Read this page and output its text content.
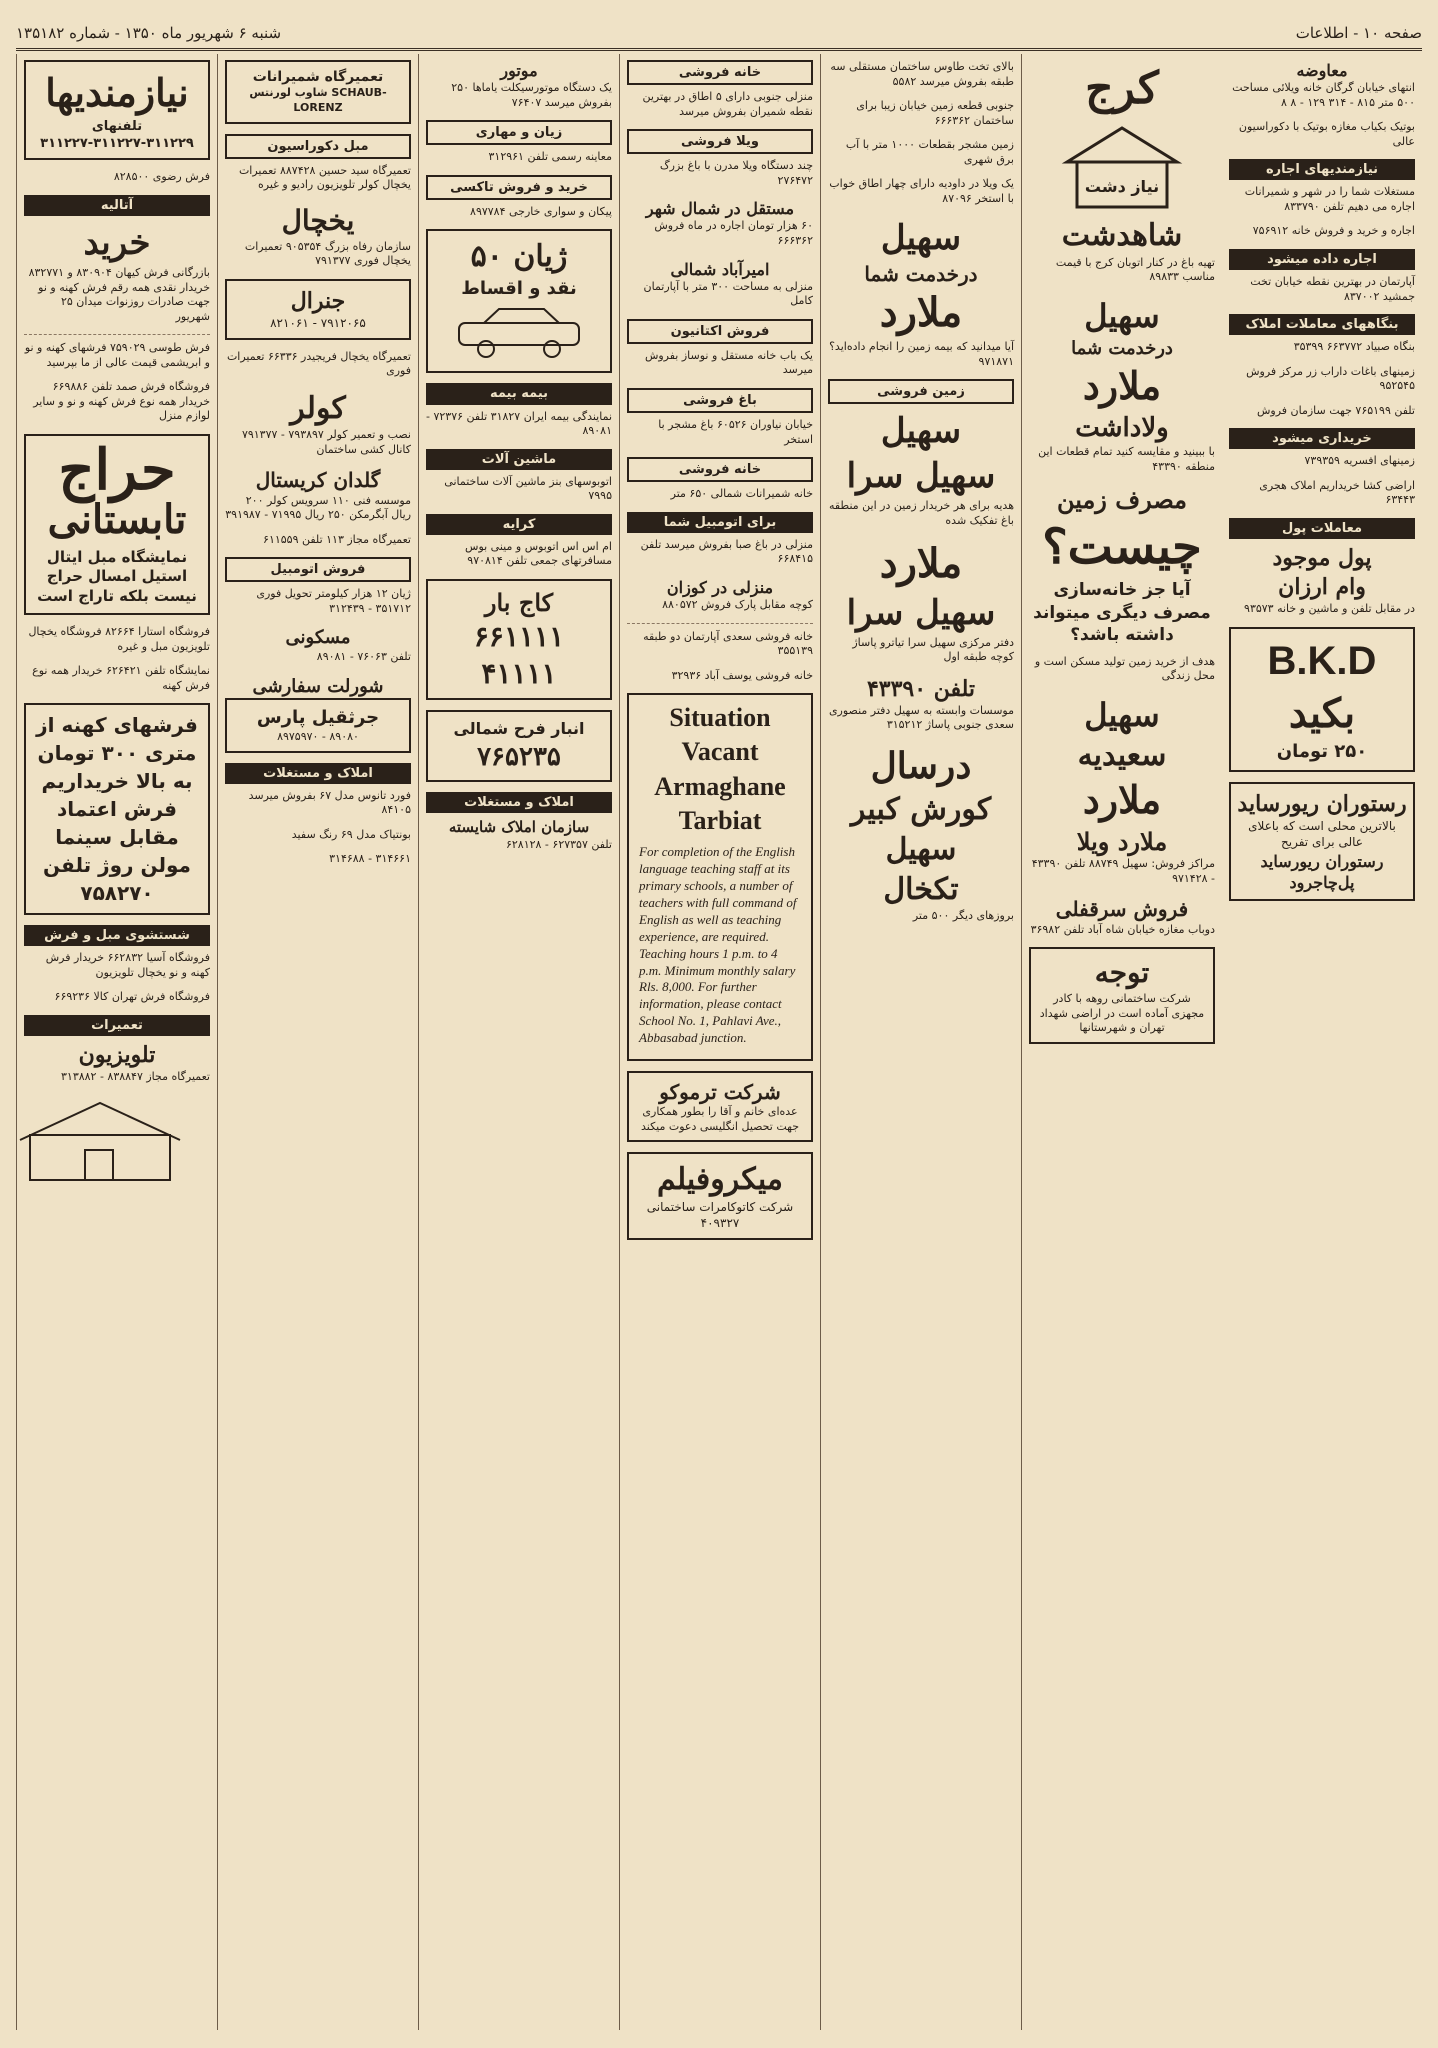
صفحه ۱۰ - اطلاعات
شنبه ۶ شهریور ماه ۱۳۵۰ - شماره ۱۳۵۱۸۲
نیازمندیها
تلفنهای ۳۱۱۲۲۹-۳۱۱۲۲۷-۳۱۱۲۲۷
فرش رضوی ۸۲۸۵۰۰
آتالیه
خرید
بازرگانی فرش کیهان ۸۳۰۹۰۴ و ۸۳۲۷۷۱ خریدار نقدی همه رقم فرش کهنه و نو جهت صادرات روزنوات میدان ۲۵ شهریور
فرش طوسی ۷۵۹۰۲۹ فرشهای کهنه و نو و ابریشمی قیمت عالی از ما بپرسید
فروشگاه فرش صمد تلفن ۶۶۹۸۸۶ خریدار همه نوع فرش کهنه و نو و سایر لوازم منزل
حراج
تابستانی
نمایشگاه مبل ایتال استیل امسال حراج نیست بلکه تاراج است
فروشگاه استارا ۸۲۶۶۴ فروشگاه یخچال تلویزیون مبل و غیره
نمایشگاه تلفن ۶۲۶۴۲۱ خریدار همه نوع فرش کهنه
فرشهای کهنه از متری ۳۰۰ تومان به بالا خریداریم فرش اعتماد مقابل سینما مولن روژ تلفن ۷۵۸۲۷۰
شستشوی مبل و فرش
فروشگاه آسیا ۶۶۲۸۳۲ خریدار فرش کهنه و نو یخچال تلویزیون
فروشگاه فرش تهران کالا ۶۶۹۲۳۶
تعمیرات
تلویزیون
تعمیرگاه مجاز ۸۳۸۸۴۷ - ۳۱۳۸۸۲
تعمیرگاه شمیرانات
شاوب لورنتس SCHAUB-LORENZ
مبل دکوراسیون
تعمیرگاه سید حسین ۸۸۷۴۲۸ تعمیرات یخچال کولر تلویزیون رادیو و غیره
یخچال
سازمان رفاه بزرگ ۹۰۵۳۵۴ تعمیرات یخچال فوری ۷۹۱۳۷۷
جنرال
۷۹۱۲۰۶۵ - ۸۲۱۰۶۱
تعمیرگاه یخچال فریجیدر ۶۶۳۳۶ تعمیرات فوری
کولر
نصب و تعمیر کولر ۷۹۳۸۹۷ - ۷۹۱۳۷۷ کانال کشی ساختمان
گلدان کریستال
موسسه فنی ۱۱۰ سرویس کولر ۲۰۰ ریال آبگرمکن ۲۵۰ ریال ۷۱۹۹۵ - ۳۹۱۹۸۷
تعمیرگاه مجاز ۱۱۳ تلفن ۶۱۱۵۵۹
فروش اتومبیل
ژیان ۱۲ هزار کیلومتر تحویل فوری ۳۵۱۷۱۲ - ۳۱۲۴۳۹
مسکونی
تلفن ۷۶۰۶۳ - ۸۹۰۸۱
شورلت سفارشی
جرثقیل پارس
۸۹۰۸۰ - ۸۹۷۵۹۷۰
املاک و مستغلات
فورد تانوس مدل ۶۷ بفروش میرسد ۸۴۱۰۵
بونتیاک مدل ۶۹ رنگ سفید
۳۱۴۶۶۱ - ۳۱۴۶۸۸
موتور
یک دستگاه موتورسیکلت یاماها ۲۵۰ بفروش میرسد ۷۶۴۰۷
زیان و مهاری
معاینه رسمی تلفن ۳۱۲۹۶۱
خرید و فروش تاکسی
پیکان و سواری خارجی ۸۹۷۷۸۴
ژیان ۵۰
نقد و اقساط
بیمه بیمه
نمایندگی بیمه ایران ۳۱۸۲۷ تلفن ۷۲۳۷۶ - ۸۹۰۸۱
ماشین آلات
اتوبوسهای بنز ماشین آلات ساختمانی ۷۹۹۵
کرایه
ام اس اس اتوبوس و مینی بوس مسافرتهای جمعی تلفن ۹۷۰۸۱۴
کاج بار
۶۶۱۱۱۱ ۴۱۱۱۱
انبار فرح شمالی
۷۶۵۲۳۵
املاک و مستغلات
سازمان املاک شایسته
تلفن ۶۲۷۳۵۷ - ۶۲۸۱۲۸
خانه فروشی
منزلی جنوبی دارای ۵ اطاق در بهترین نقطه شمیران بفروش میرسد
ویلا فروشی
چند دستگاه ویلا مدرن با باغ بزرگ ۲۷۶۴۷۲
مستقل در شمال شهر
۶۰ هزار تومان اجاره در ماه فروش ۶۶۶۳۶۲
امیرآباد شمالی
منزلی به مساحت ۳۰۰ متر با آپارتمان کامل
فروش اکتانیون
یک باب خانه مستقل و نوساز بفروش میرسد
باغ فروشی
خیابان نیاوران ۶۰۵۲۶ باغ مشجر با استخر
خانه فروشی
خانه شمیرانات شمالی ۶۵۰ متر
برای اتومبیل شما
منزلی در باغ صبا بفروش میرسد تلفن ۶۶۸۴۱۵
منزلی در کوزان
کوچه مقابل پارک فروش ۸۸۰۵۷۲
خانه فروشی سعدی آپارتمان دو طبقه ۳۵۵۱۳۹
خانه فروشی یوسف آباد ۳۲۹۳۶
Situation Vacant
Armaghane Tarbiat

For completion of the English language teaching staff at its primary schools, a number of teachers with full command of English as well as teaching experience, are required. Teaching hours 1 p.m. to 4 p.m. Minimum monthly salary Rls. 8,000. For further information, please contact School No. 1, Pahlavi Ave., Abbasabad junction.

شرکت ترموکو
عده‌ای خانم و آقا را بطور همکاری جهت تحصیل انگلیسی دعوت میکند
میکروفیلم
شرکت کاتوکامرات ساختمانی ۴۰۹۳۲۷
بالای تخت طاوس ساختمان مستقلی سه طبقه بفروش میرسد ۵۵۸۲
جنوبی قطعه زمین خیابان زیبا برای ساختمان ۶۶۶۳۶۲
زمین مشجر بقطعات ۱۰۰۰ متر با آب برق شهری
یک ویلا در داودیه دارای چهار اطاق خواب با استخر ۸۷۰۹۶
سهیل
درخدمت شما
ملارد
آیا میدانید که بیمه زمین را انجام داده‌اید؟ ۹۷۱۸۷۱
زمین فروشی
سهیل
سهیل سرا
هدیه برای هر خریدار زمین در این منطقه باغ تفکیک شده
ملارد
سهیل سرا
دفتر مرکزی سهیل سرا تیاترو پاساژ کوچه طبقه اول
تلفن ۴۳۳۹۰
موسسات وابسته به سهیل دفتر منصوری سعدی جنوبی پاساژ ۳۱۵۲۱۲
درسال
کورش کبیر
سهیل
تکخال
بروزهای دیگر ۵۰۰ متر
کرج
نیاز دشت
شاهدشت
تهیه باغ در کنار اتوبان کرج با قیمت مناسب ۸۹۸۳۳
سهیل
درخدمت شما
ملارد
ولاداشت
با ببینید و مقایسه کنید تمام قطعات این منطقه ۴۳۳۹۰
مصرف زمین
چیست؟
آیا جز خانه‌سازی مصرف دیگری میتواند داشته باشد؟
هدف از خرید زمین تولید مسکن است و محل زندگی
سهیل
سعیدیه
ملارد
ملارد ویلا
مراکز فروش: سهیل ۸۸۷۴۹ تلفن ۴۳۳۹۰ - ۹۷۱۴۲۸
فروش سرقفلی
دوباب مغازه خیابان شاه آباد تلفن ۳۶۹۸۲
توجه
شرکت ساختمانی روهه با کادر مجهزی آماده است در اراضی شهداد تهران و شهرستانها
معاوضه
انتهای خیابان گرگان خانه ویلائی مساحت ۵۰۰ متر ۸۱۵ - ۳۱۴ ۱۲۹ - ۸ ۸
بوتیک بکیاب مغازه بوتیک با دکوراسیون عالی
نیازمندیهای اجاره
مستغلات شما را در شهر و شمیرانات اجاره می دهیم تلفن ۸۳۳۷۹۰
اجاره و خرید و فروش خانه ۷۵۶۹۱۲
اجاره داده میشود
آپارتمان در بهترین نقطه خیابان تخت جمشید ۸۳۷۰۰۲
بنگاههای معاملات املاک
بنگاه صبیاد ۶۶۳۷۷۲ ۳۵۳۹۹
زمینهای باغات داراب زر مرکز فروش ۹۵۲۵۴۵
تلفن ۷۶۵۱۹۹ جهت سازمان فروش
خریداری میشود
زمینهای افسریه ۷۳۹۳۵۹
اراضی کشا خریداریم املاک هجری ۶۳۴۴۳
معاملات پول
پول موجود
وام ارزان
در مقابل تلفن و ماشین و خانه ۹۳۵۷۳
B.K.D
بکید
۲۵۰ تومان
رستوران ریورساید
بالاترین محلی است که باعلای عالی برای تفریح
رستوران ریورساید پل‌چاجرود
